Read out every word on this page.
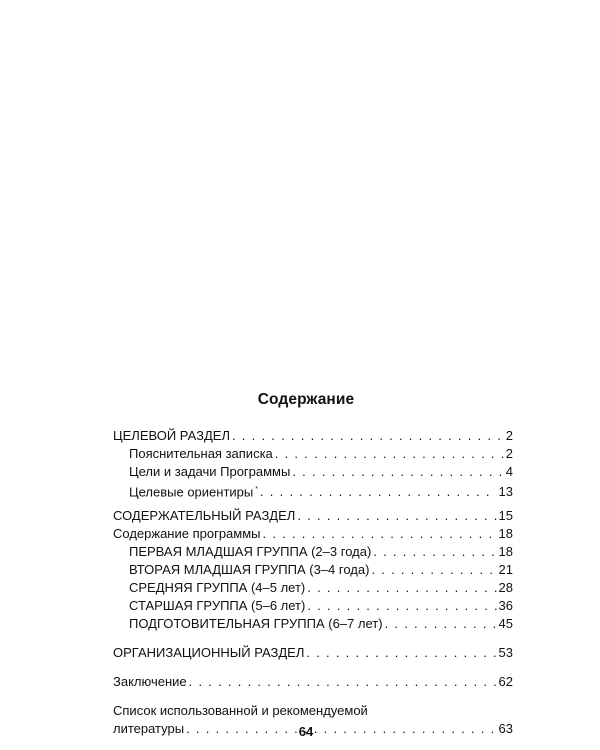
Содержание
ЦЕЛЕВОЙ РАЗДЕЛ . . .	2
Пояснительная записка . . .	2
Цели и задачи Программы . . .	4
Целевые ориентиры * . . .	13
СОДЕРЖАТЕЛЬНЫЙ РАЗДЕЛ . . .	15
Содержание программы . . .	18
ПЕРВАЯ МЛАДШАЯ ГРУППА (2–3 года) . . .	18
ВТОРАЯ МЛАДШАЯ ГРУППА (3–4 года) . . .	21
СРЕДНЯЯ ГРУППА (4–5 лет) . . .	28
СТАРШАЯ ГРУППА (5–6 лет) . . .	36
ПОДГОТОВИТЕЛЬНАЯ ГРУППА (6–7 лет) . . .	45
ОРГАНИЗАЦИОННЫЙ РАЗДЕЛ . . .	53
Заключение . . .	62
Список использованной и рекомендуемой
литературы . . .	63
64
